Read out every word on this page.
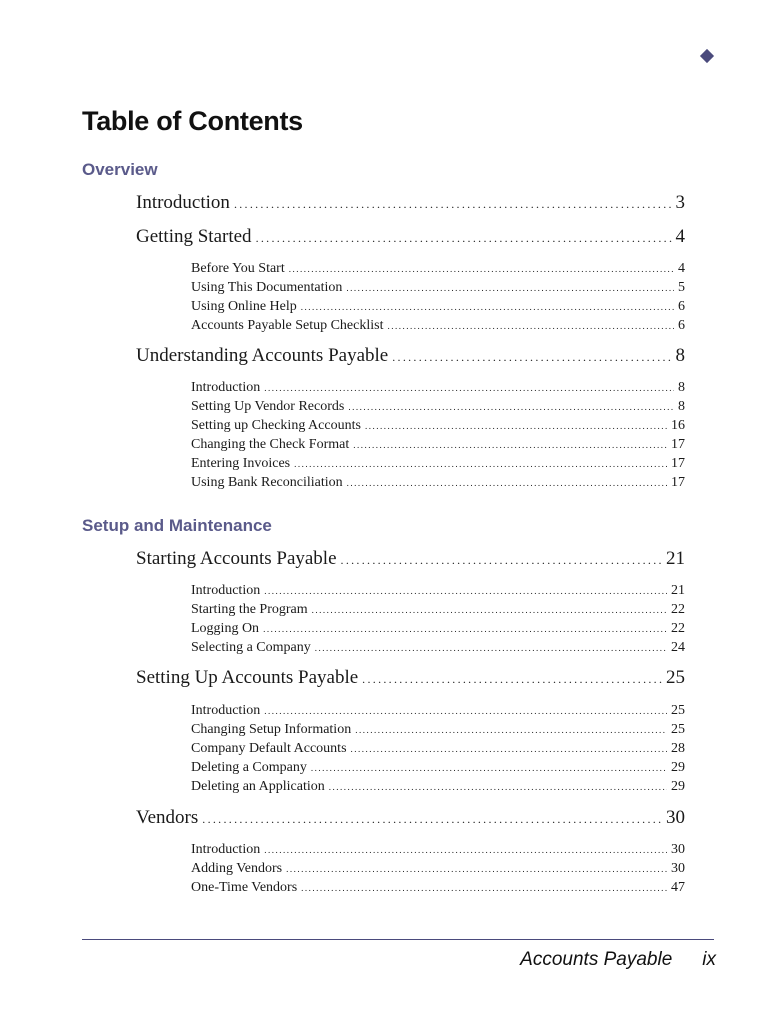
Table of Contents
Overview
Introduction .....	3
Getting Started .....	4
Before You Start .....	4
Using This Documentation .....	5
Using Online Help .....	6
Accounts Payable Setup Checklist .....	6
Understanding Accounts Payable .....	8
Introduction .....	8
Setting Up Vendor Records .....	8
Setting up Checking Accounts .....	16
Changing the Check Format .....	17
Entering Invoices .....	17
Using Bank Reconciliation .....	17
Setup and Maintenance
Starting Accounts Payable .....	21
Introduction .....	21
Starting the Program .....	22
Logging On .....	22
Selecting a Company .....	24
Setting Up Accounts Payable .....	25
Introduction .....	25
Changing Setup Information .....	25
Company Default Accounts .....	28
Deleting a Company .....	29
Deleting an Application .....	29
Vendors .....	30
Introduction .....	30
Adding Vendors .....	30
One-Time Vendors .....	47
Accounts Payable ix
